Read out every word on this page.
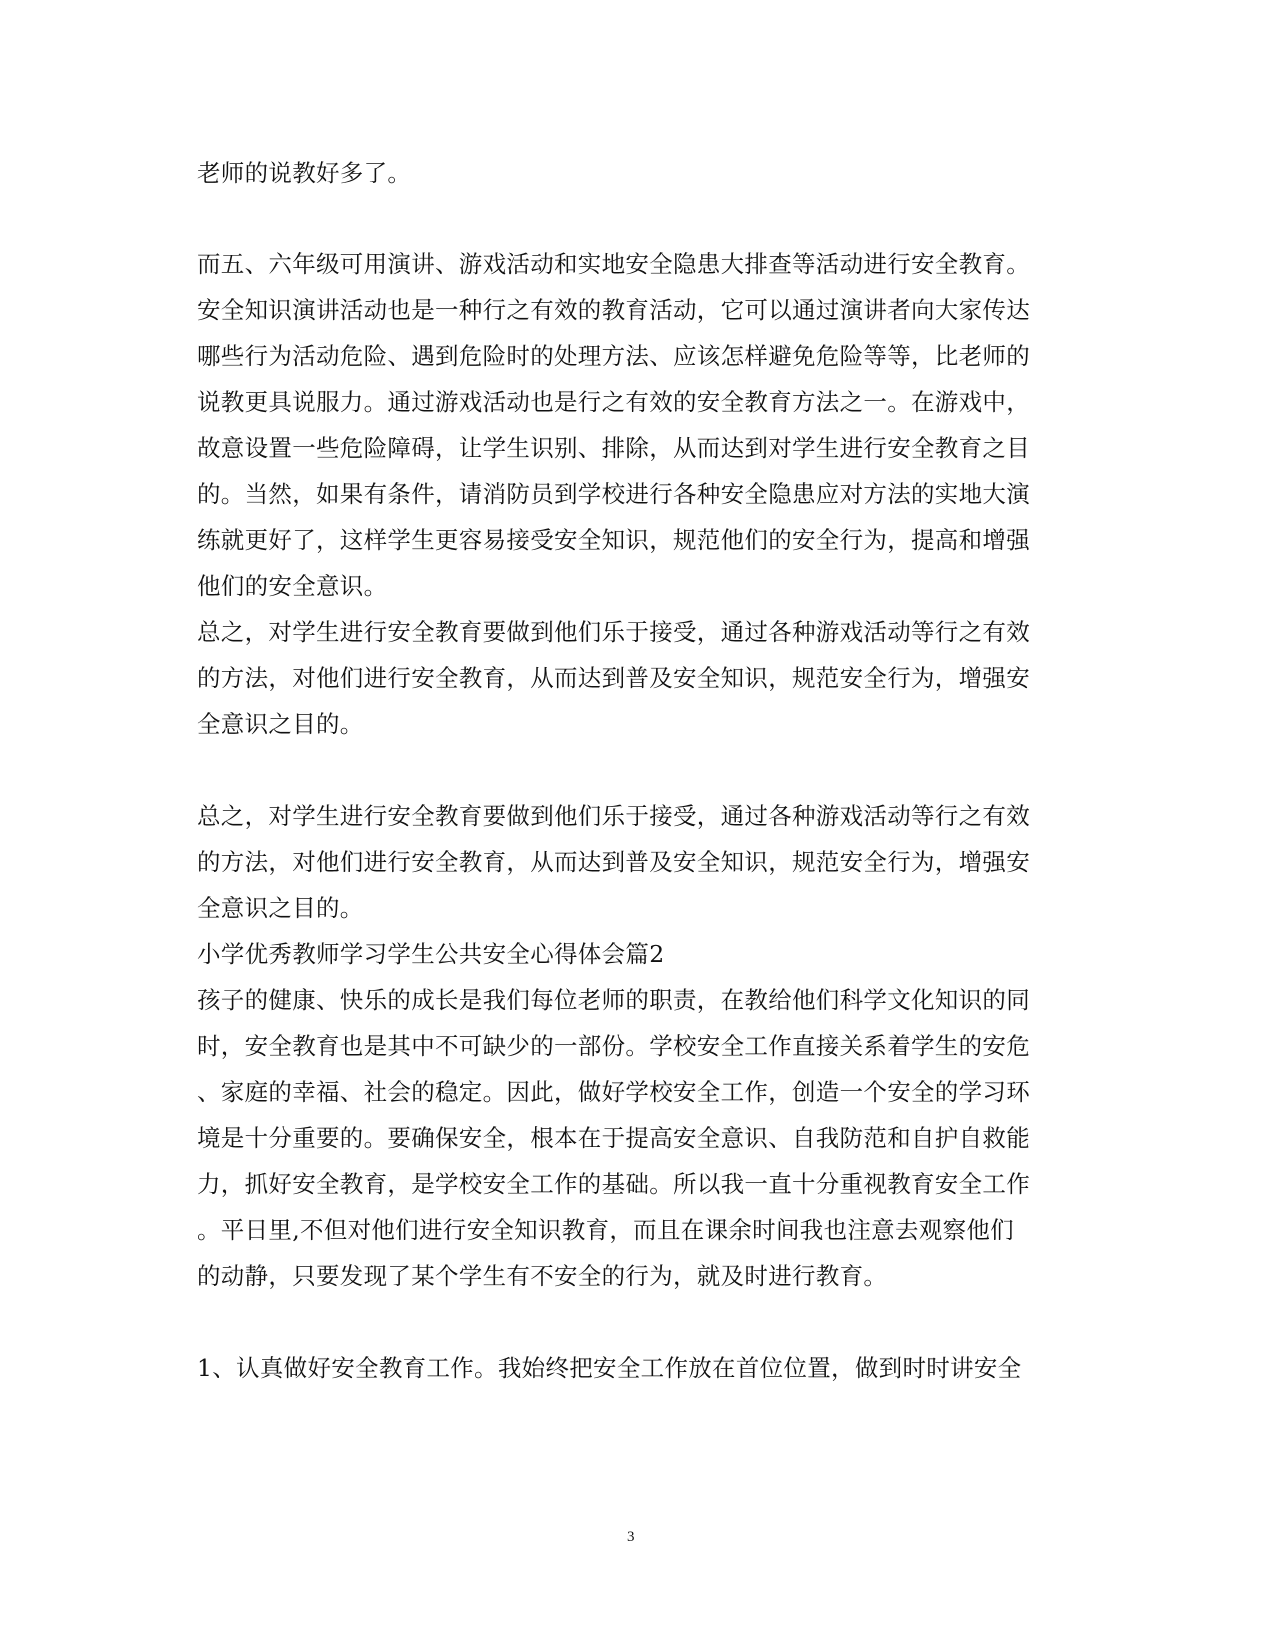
老师的说教好多了。
而五、六年级可用演讲、游戏活动和实地安全隐患大排查等活动进行安全教育。
安全知识演讲活动也是一种行之有效的教育活动，它可以通过演讲者向大家传达
哪些行为活动危险、遇到危险时的处理方法、应该怎样避免危险等等，比老师的
说教更具说服力。通过游戏活动也是行之有效的安全教育方法之一。在游戏中，
故意设置一些危险障碍，让学生识别、排除，从而达到对学生进行安全教育之目
的。当然，如果有条件，请消防员到学校进行各种安全隐患应对方法的实地大演
练就更好了，这样学生更容易接受安全知识，规范他们的安全行为，提高和增强
他们的安全意识。
总之，对学生进行安全教育要做到他们乐于接受，通过各种游戏活动等行之有效
的方法，对他们进行安全教育，从而达到普及安全知识，规范安全行为，增强安
全意识之目的。
总之，对学生进行安全教育要做到他们乐于接受，通过各种游戏活动等行之有效
的方法，对他们进行安全教育，从而达到普及安全知识，规范安全行为，增强安
全意识之目的。
小学优秀教师学习学生公共安全心得体会篇2
孩子的健康、快乐的成长是我们每位老师的职责，在教给他们科学文化知识的同
时，安全教育也是其中不可缺少的一部份。学校安全工作直接关系着学生的安危
、家庭的幸福、社会的稳定。因此，做好学校安全工作，创造一个安全的学习环
境是十分重要的。要确保安全，根本在于提高安全意识、自我防范和自护自救能
力，抓好安全教育，是学校安全工作的基础。所以我一直十分重视教育安全工作
。平日里,不但对他们进行安全知识教育，而且在课余时间我也注意去观察他们
的动静，只要发现了某个学生有不安全的行为，就及时进行教育。
1、认真做好安全教育工作。我始终把安全工作放在首位位置，做到时时讲安全
3
